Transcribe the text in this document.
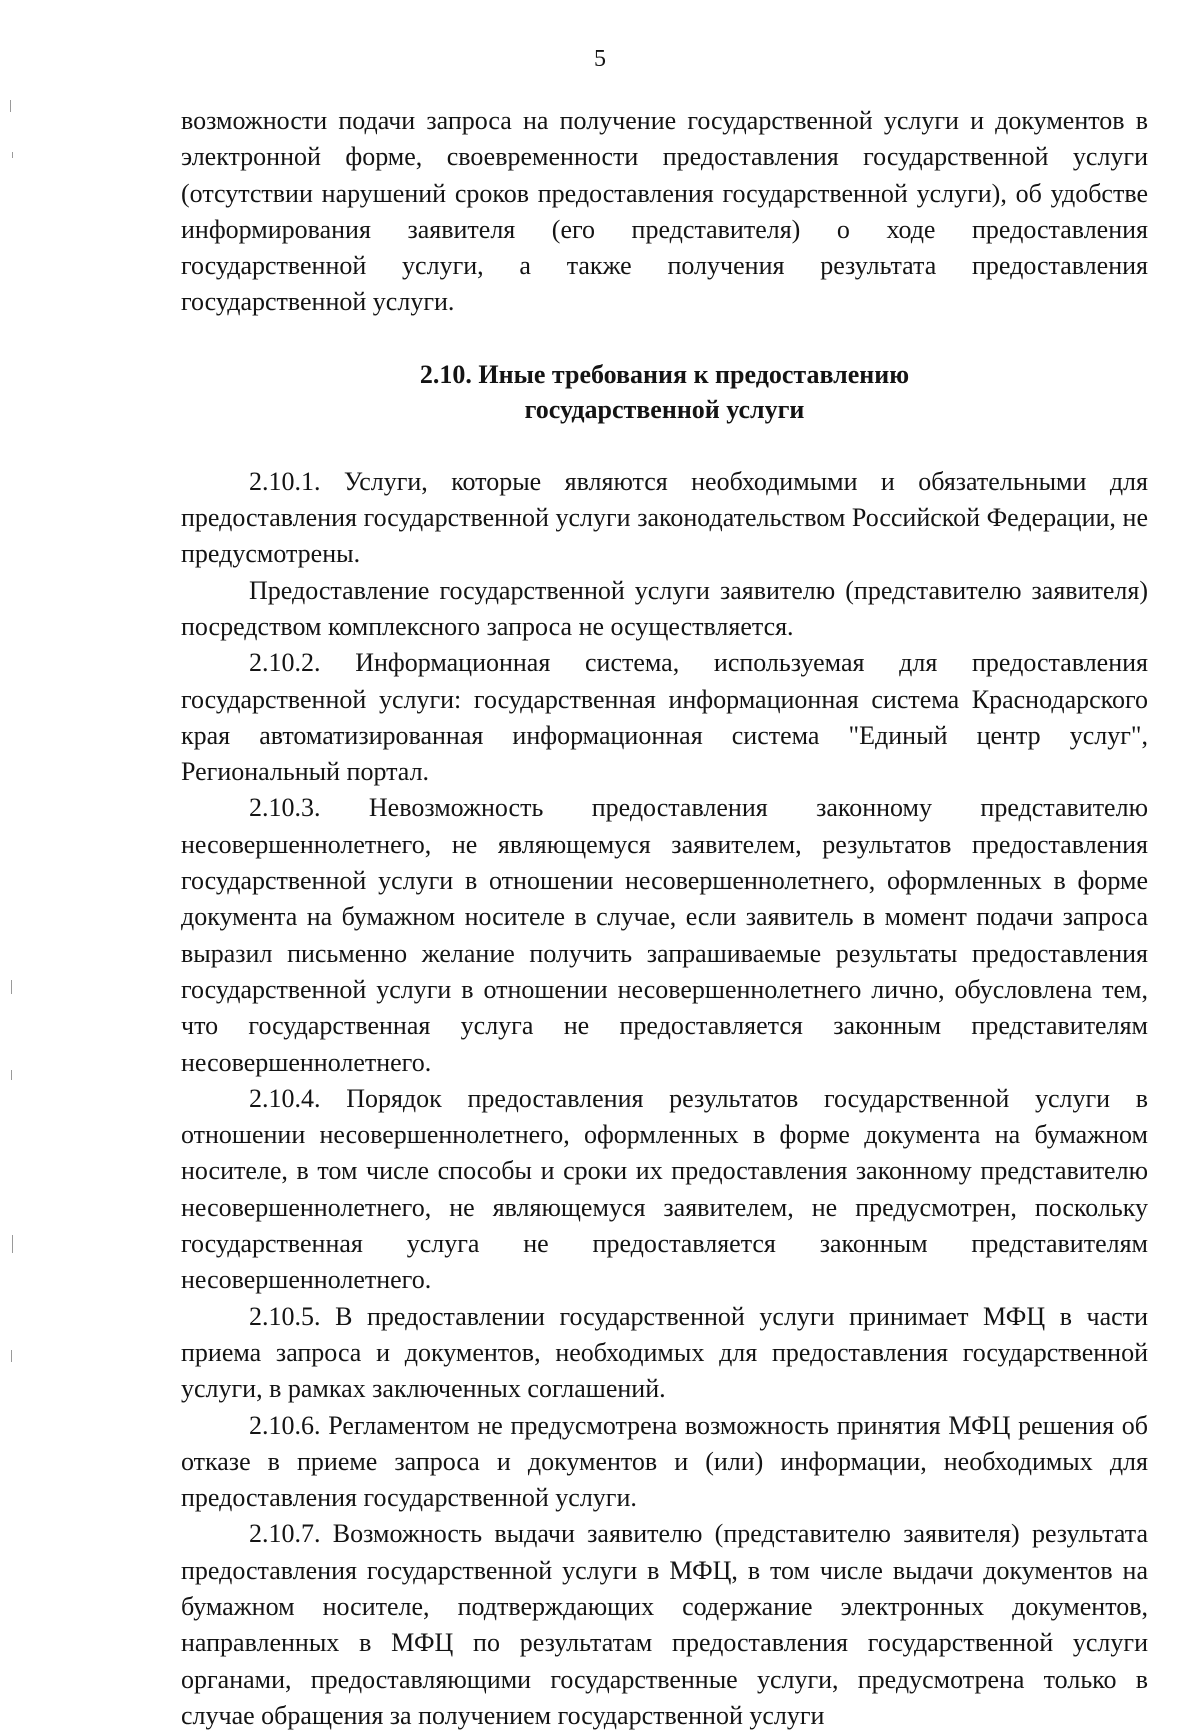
5

возможности подачи запроса на получение государственной услуги и документов в электронной форме, своевременности предоставления государственной услуги (отсутствии нарушений сроков предоставления государственной услуги), об удобстве информирования заявителя (его представителя) о ходе предоставления государственной услуги, а также получения результата предоставления государственной услуги.

2.10. Иные требования к предоставлению
государственной услуги

2.10.1. Услуги, которые являются необходимыми и обязательными для предоставления государственной услуги законодательством Российской Федерации, не предусмотрены.

Предоставление государственной услуги заявителю (представителю заявителя) посредством комплексного запроса не осуществляется.

2.10.2. Информационная система, используемая для предоставления государственной услуги: государственная информационная система Краснодарского края автоматизированная информационная система "Единый центр услуг", Региональный портал.

2.10.3. Невозможность предоставления законному представителю несовершеннолетнего, не являющемуся заявителем, результатов предоставления государственной услуги в отношении несовершеннолетнего, оформленных в форме документа на бумажном носителе в случае, если заявитель в момент подачи запроса выразил письменно желание получить запрашиваемые результаты предоставления государственной услуги в отношении несовершеннолетнего лично, обусловлена тем, что государственная услуга не предоставляется законным представителям несовершеннолетнего.

2.10.4. Порядок предоставления результатов государственной услуги в отношении несовершеннолетнего, оформленных в форме документа на бумажном носителе, в том числе способы и сроки их предоставления законному представителю несовершеннолетнего, не являющемуся заявителем, не предусмотрен, поскольку государственная услуга не предоставляется законным представителям несовершеннолетнего.

2.10.5. В предоставлении государственной услуги принимает МФЦ в части приема запроса и документов, необходимых для предоставления государственной услуги, в рамках заключенных соглашений.

2.10.6. Регламентом не предусмотрена возможность принятия МФЦ решения об отказе в приеме запроса и документов и (или) информации, необходимых для предоставления государственной услуги.

2.10.7. Возможность выдачи заявителю (представителю заявителя) результата предоставления государственной услуги в МФЦ, в том числе выдачи документов на бумажном носителе, подтверждающих содержание электронных документов, направленных в МФЦ по результатам предоставления государственной услуги органами, предоставляющими государственные услуги, предусмотрена только в случае обращения за получением государственной услуги
